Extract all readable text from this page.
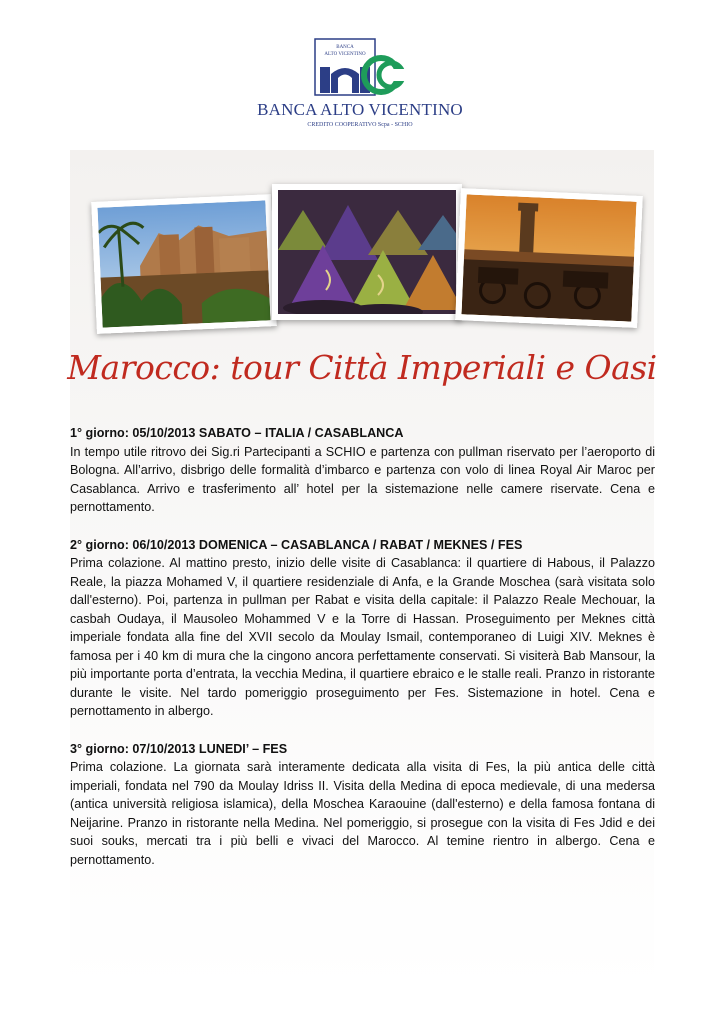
BANCA
ALTO VICENTINO
BANCA ALTO VICENTINO
CREDITO COOPERATIVO Scpa - SCHIO
Marocco: tour Città Imperiali e Oasi
1° giorno: 05/10/2013 SABATO – ITALIA / CASABLANCA
In tempo utile ritrovo dei Sig.ri Partecipanti a SCHIO e partenza con pullman riservato per l’aeroporto di Bologna. All’arrivo, disbrigo delle formalità d’imbarco e partenza con volo di linea Royal Air Maroc per Casablanca. Arrivo e trasferimento all’ hotel per la sistemazione nelle camere riservate. Cena e pernottamento.
2° giorno: 06/10/2013 DOMENICA – CASABLANCA / RABAT / MEKNES / FES
Prima colazione. Al mattino presto, inizio delle visite di Casablanca: il quartiere di Habous, il Palazzo Reale, la piazza Mohamed V, il quartiere residenziale di Anfa, e la Grande Moschea (sarà visitata solo dall'esterno). Poi, partenza in pullman per Rabat e visita della capitale: il Palazzo Reale Mechouar, la casbah Oudaya, il Mausoleo Mohammed V e la Torre di Hassan. Proseguimento per Meknes città imperiale fondata alla fine del XVII secolo da Moulay Ismail, contemporaneo di Luigi XIV. Meknes è famosa per i 40 km di mura che la cingono ancora perfettamente conservati. Si visiterà Bab Mansour, la più importante porta d’entrata, la vecchia Medina, il quartiere ebraico e le stalle reali. Pranzo in ristorante durante le visite. Nel tardo pomeriggio proseguimento per Fes. Sistemazione in hotel. Cena e pernottamento in albergo.
3° giorno: 07/10/2013 LUNEDI’ – FES
Prima colazione. La giornata sarà interamente dedicata alla visita di Fes, la più antica delle città imperiali, fondata nel 790 da Moulay Idriss II. Visita della Medina di epoca medievale, di una medersa (antica università religiosa islamica), della Moschea Karaouine (dall'esterno) e della famosa fontana di Neijarine. Pranzo in ristorante nella Medina. Nel pomeriggio, si prosegue con la visita di Fes Jdid e dei suoi souks, mercati tra i più belli e vivaci del Marocco. Al temine rientro in albergo. Cena e pernottamento.
